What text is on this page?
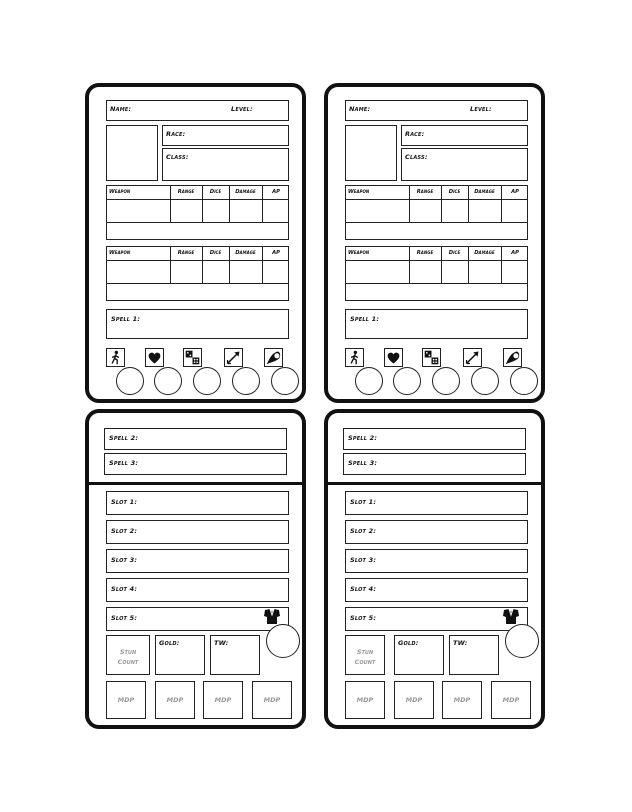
Name:	Level:
Race:
Class:
Weapon	Range	Dice	Damage	AP
Weapon	Range	Dice	Damage	AP
Spell 1:
Name:	Level:
Race:
Class:
Weapon	Range	Dice	Damage	AP
Weapon	Range	Dice	Damage	AP
Spell 1:
Spell 2:
Spell 3:
Slot 1:
Slot 2:
Slot 3:
Slot 4:
Slot 5:
Stun Count
Gold:	TW:
MDP	MDP	MDP	MDP
Spell 2:
Spell 3:
Slot 1:
Slot 2:
Slot 3:
Slot 4:
Slot 5:
Stun Count
Gold:	TW:
MDP	MDP	MDP	MDP
